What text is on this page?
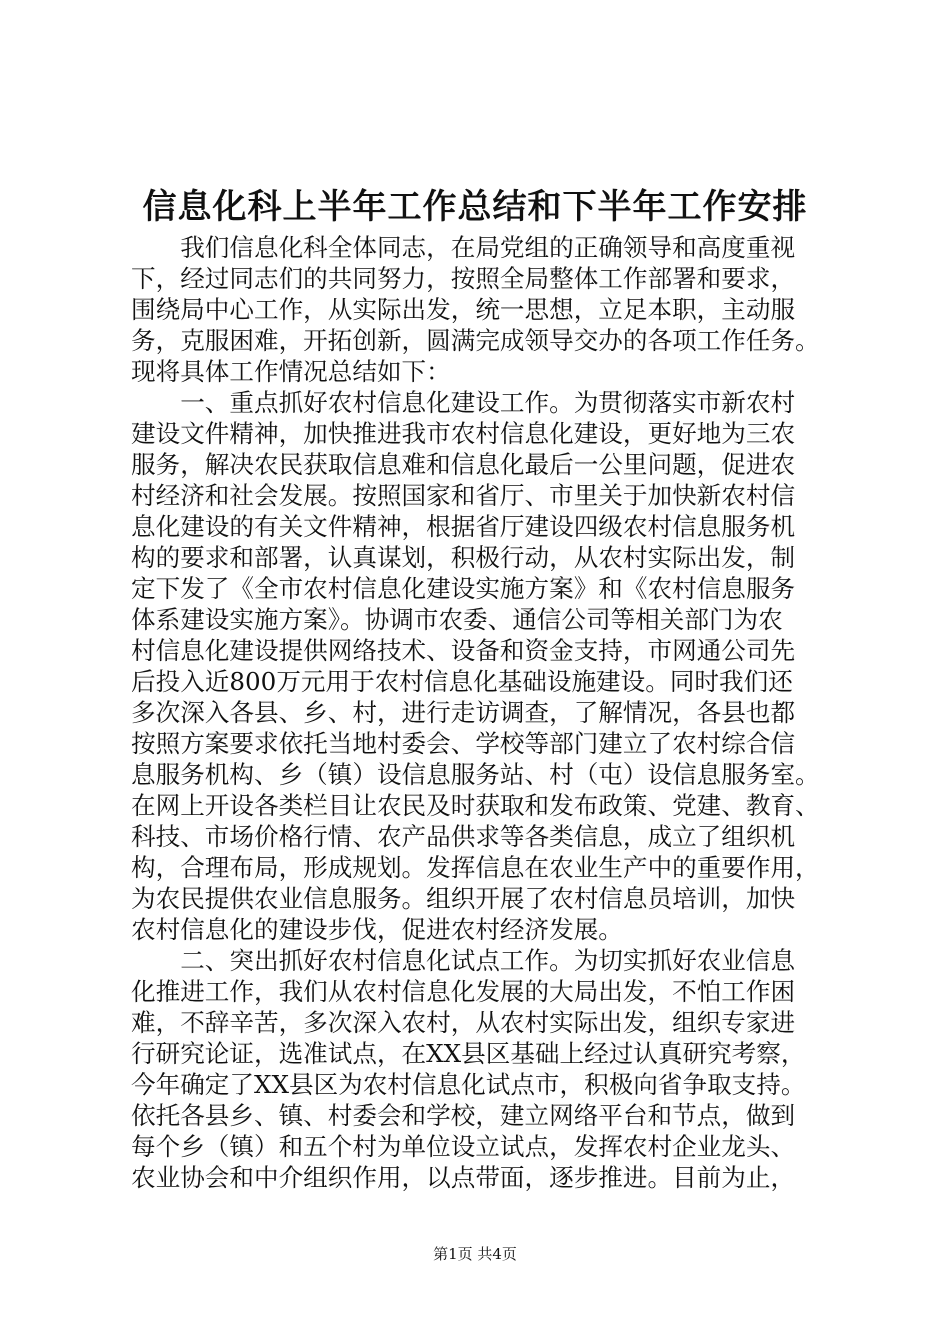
信息化科上半年工作总结和下半年工作安排

我们信息化科全体同志，在局党组的正确领导和高度重视
下，经过同志们的共同努力，按照全局整体工作部署和要求，
围绕局中心工作，从实际出发，统一思想，立足本职，主动服
务，克服困难，开拓创新，圆满完成领导交办的各项工作任务。
现将具体工作情况总结如下：

一、重点抓好农村信息化建设工作。为贯彻落实市新农村
建设文件精神，加快推进我市农村信息化建设，更好地为三农
服务，解决农民获取信息难和信息化最后一公里问题，促进农
村经济和社会发展。按照国家和省厅、市里关于加快新农村信
息化建设的有关文件精神，根据省厅建设四级农村信息服务机
构的要求和部署，认真谋划，积极行动，从农村实际出发，制
定下发了《全市农村信息化建设实施方案》和《农村信息服务
体系建设实施方案》。协调市农委、通信公司等相关部门为农
村信息化建设提供网络技术、设备和资金支持，市网通公司先
后投入近800万元用于农村信息化基础设施建设。同时我们还
多次深入各县、乡、村，进行走访调查，了解情况，各县也都
按照方案要求依托当地村委会、学校等部门建立了农村综合信
息服务机构、乡（镇）设信息服务站、村（屯）设信息服务室。
在网上开设各类栏目让农民及时获取和发布政策、党建、教育、
科技、市场价格行情、农产品供求等各类信息，成立了组织机
构，合理布局，形成规划。发挥信息在农业生产中的重要作用，
为农民提供农业信息服务。组织开展了农村信息员培训，加快
农村信息化的建设步伐，促进农村经济发展。

二、突出抓好农村信息化试点工作。为切实抓好农业信息
化推进工作，我们从农村信息化发展的大局出发，不怕工作困
难，不辞辛苦，多次深入农村，从农村实际出发，组织专家进
行研究论证，选准试点，在XX县区基础上经过认真研究考察，
今年确定了XX县区为农村信息化试点市，积极向省争取支持。
依托各县乡、镇、村委会和学校，建立网络平台和节点，做到
每个乡（镇）和五个村为单位设立试点，发挥农村企业龙头、
农业协会和中介组织作用，以点带面，逐步推进。目前为止，

第1页 共4页
